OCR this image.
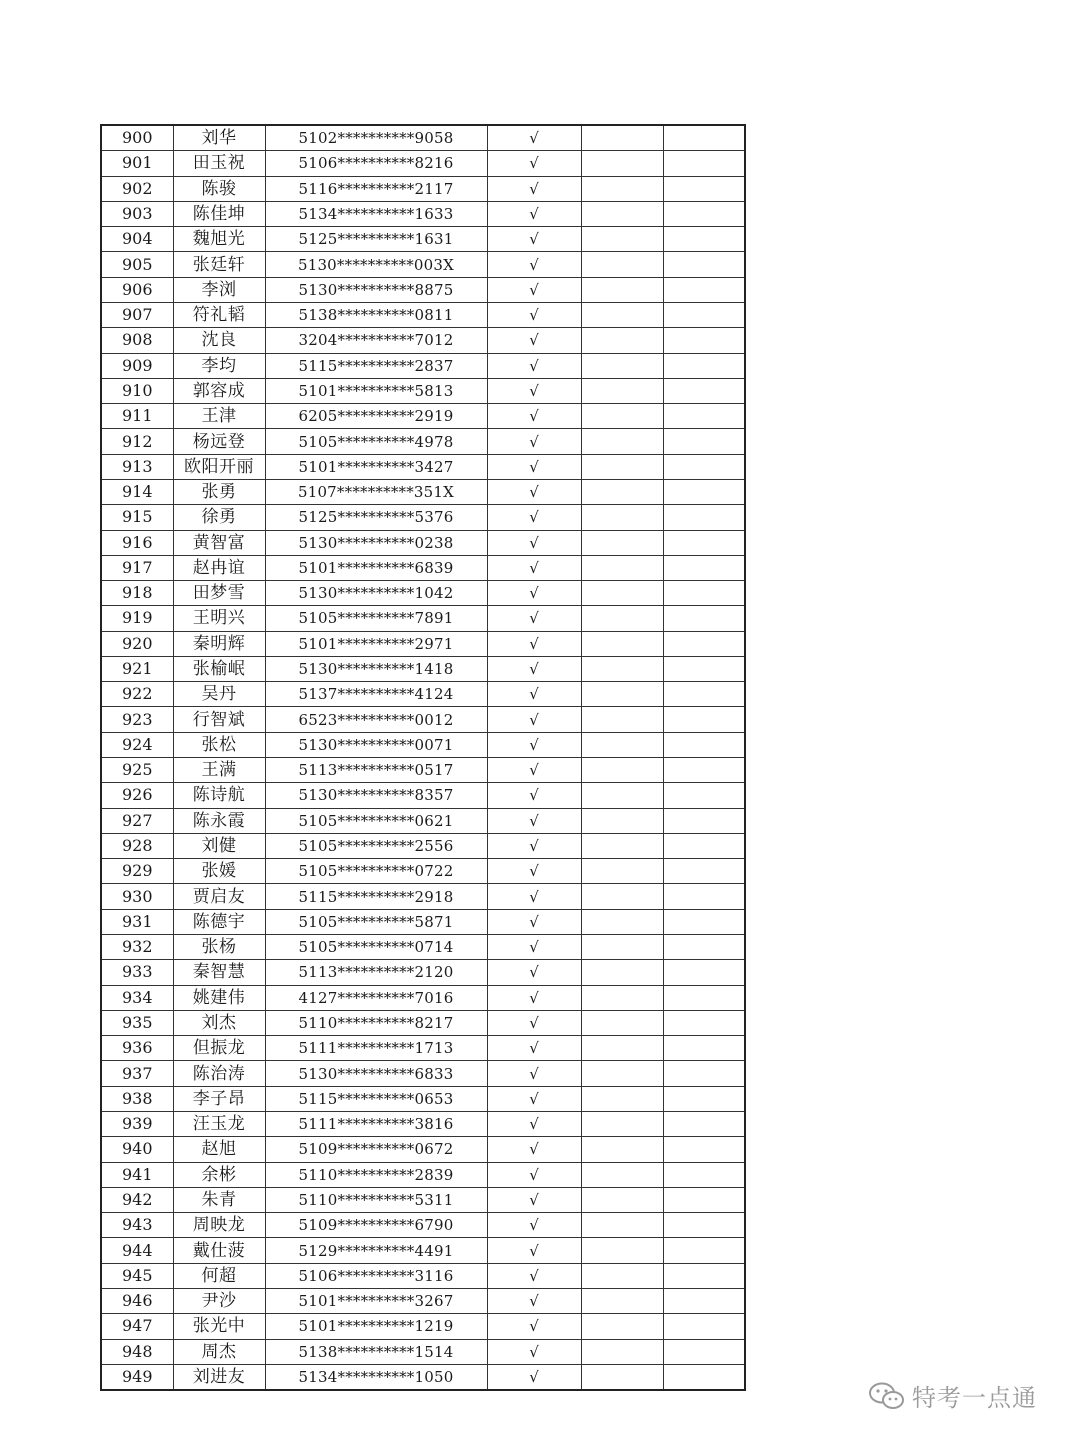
900	刘华	5102**********9058	√		
901	田玉祝	5106**********8216	√		
902	陈骏	5116**********2117	√		
903	陈佳坤	5134**********1633	√		
904	魏旭光	5125**********1631	√		
905	张廷轩	5130**********003X	√		
906	李浏	5130**********8875	√		
907	符礼韬	5138**********0811	√		
908	沈良	3204**********7012	√		
909	李均	5115**********2837	√		
910	郭容成	5101**********5813	√		
911	王津	6205**********2919	√		
912	杨远登	5105**********4978	√		
913	欧阳开丽	5101**********3427	√		
914	张勇	5107**********351X	√		
915	徐勇	5125**********5376	√		
916	黄智富	5130**********0238	√		
917	赵冉谊	5101**********6839	√		
918	田梦雪	5130**********1042	√		
919	王明兴	5105**********7891	√		
920	秦明辉	5101**********2971	√		
921	张榆岷	5130**********1418	√		
922	吴丹	5137**********4124	√		
923	行智斌	6523**********0012	√		
924	张松	5130**********0071	√		
925	王满	5113**********0517	√		
926	陈诗航	5130**********8357	√		
927	陈永霞	5105**********0621	√		
928	刘健	5105**********2556	√		
929	张媛	5105**********0722	√		
930	贾启友	5115**********2918	√		
931	陈德宇	5105**********5871	√		
932	张杨	5105**********0714	√		
933	秦智慧	5113**********2120	√		
934	姚建伟	4127**********7016	√		
935	刘杰	5110**********8217	√		
936	但振龙	5111**********1713	√		
937	陈治涛	5130**********6833	√		
938	李子昂	5115**********0653	√		
939	汪玉龙	5111**********3816	√		
940	赵旭	5109**********0672	√		
941	余彬	5110**********2839	√		
942	朱青	5110**********5311	√		
943	周映龙	5109**********6790	√		
944	戴仕菠	5129**********4491	√		
945	何超	5106**********3116	√		
946	尹沙	5101**********3267	√		
947	张光中	5101**********1219	√		
948	周杰	5138**********1514	√		
949	刘进友	5134**********1050	√		
特考一点通
